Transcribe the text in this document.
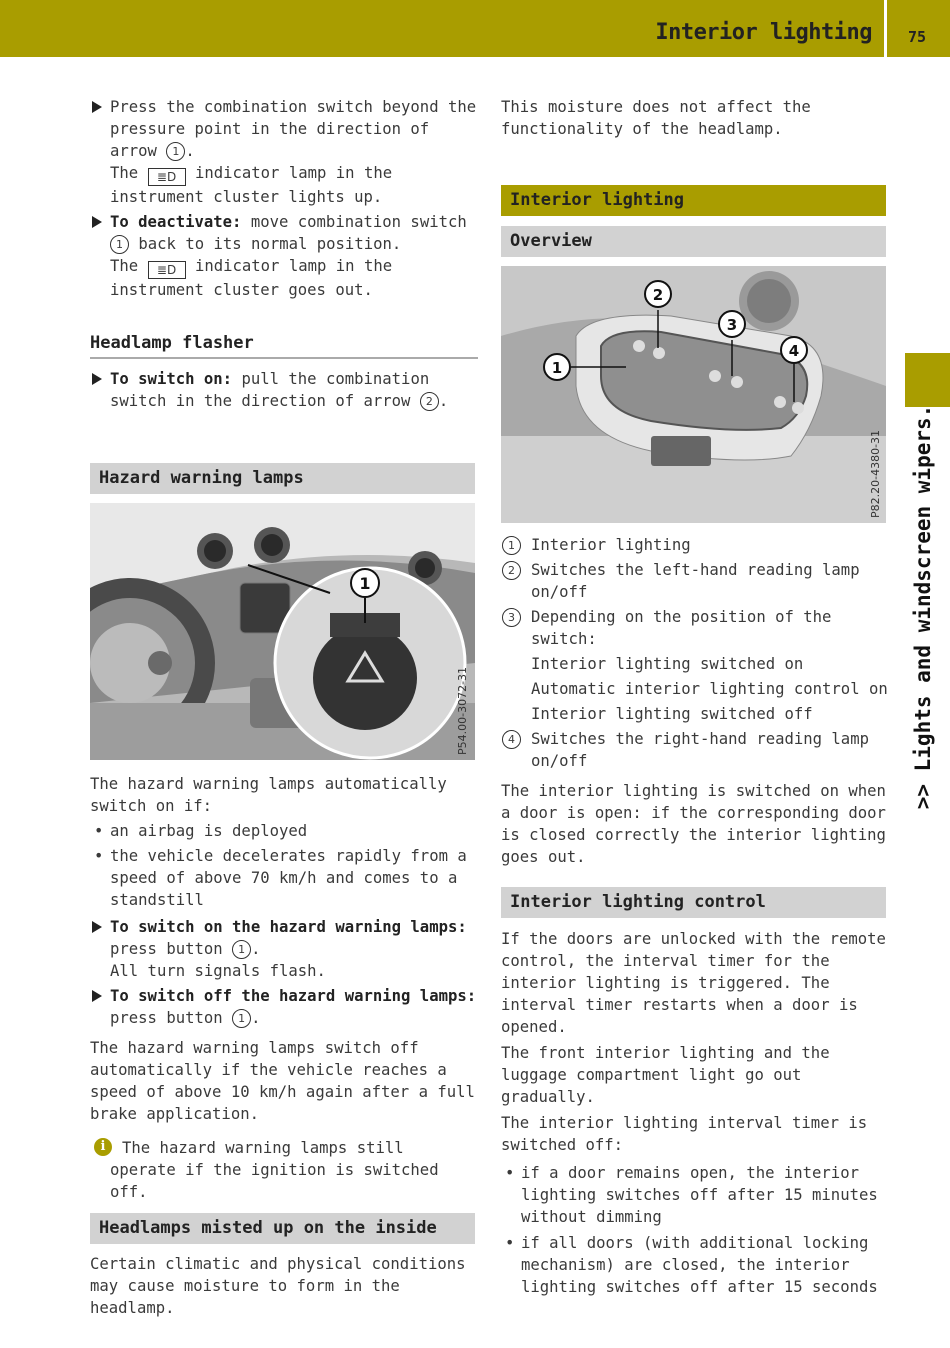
Interior lighting 75
>> Lights and windscreen wipers.
Press the combination switch beyond the pressure point in the direction of arrow 1 .
The ≣D indicator lamp in the instrument cluster lights up.
To deactivate: move combination switch 1 back to its normal position.
The ≣D indicator lamp in the instrument cluster goes out.
Headlamp flasher
To switch on: pull the combination switch in the direction of arrow 2 .
Hazard warning lamps
1
P54.00-3072-31

The hazard warning lamps automatically switch on if:

• an airbag is deployed
• the vehicle decelerates rapidly from a speed of above 70 km/h and comes to a standstill
To switch on the hazard warning lamps:
press button 1 .
All turn signals flash.
To switch off the hazard warning lamps:
press button 1 .

The hazard warning lamps switch off automatically if the vehicle reaches a speed of above 10 km/h again after a full brake application.

i	The hazard warning lamps still operate if the ignition is switched off.
Headlamps misted up on the inside

Certain climatic and physical conditions may cause moisture to form in the headlamp.

This moisture does not affect the functionality of the headlamp.

Interior lighting
Overview
1
2
3
4
P82.20-4380-31
1	Interior lighting
2	Switches the left-hand reading lamp on/off
3	Depending on the position of the switch:
Interior lighting switched on
Automatic interior lighting control on
Interior lighting switched off
4	Switches the right-hand reading lamp on/off

The interior lighting is switched on when a door is open: if the corresponding door is closed correctly the interior lighting goes out.

Interior lighting control

If the doors are unlocked with the remote control, the interval timer for the interior lighting is triggered. The interval timer restarts when a door is opened.

The front interior lighting and the luggage compartment light go out gradually.

The interior lighting interval timer is switched off:

• if a door remains open, the interior lighting switches off after 15 minutes without dimming
• if all doors (with additional locking mechanism) are closed, the interior lighting switches off after 15 seconds
